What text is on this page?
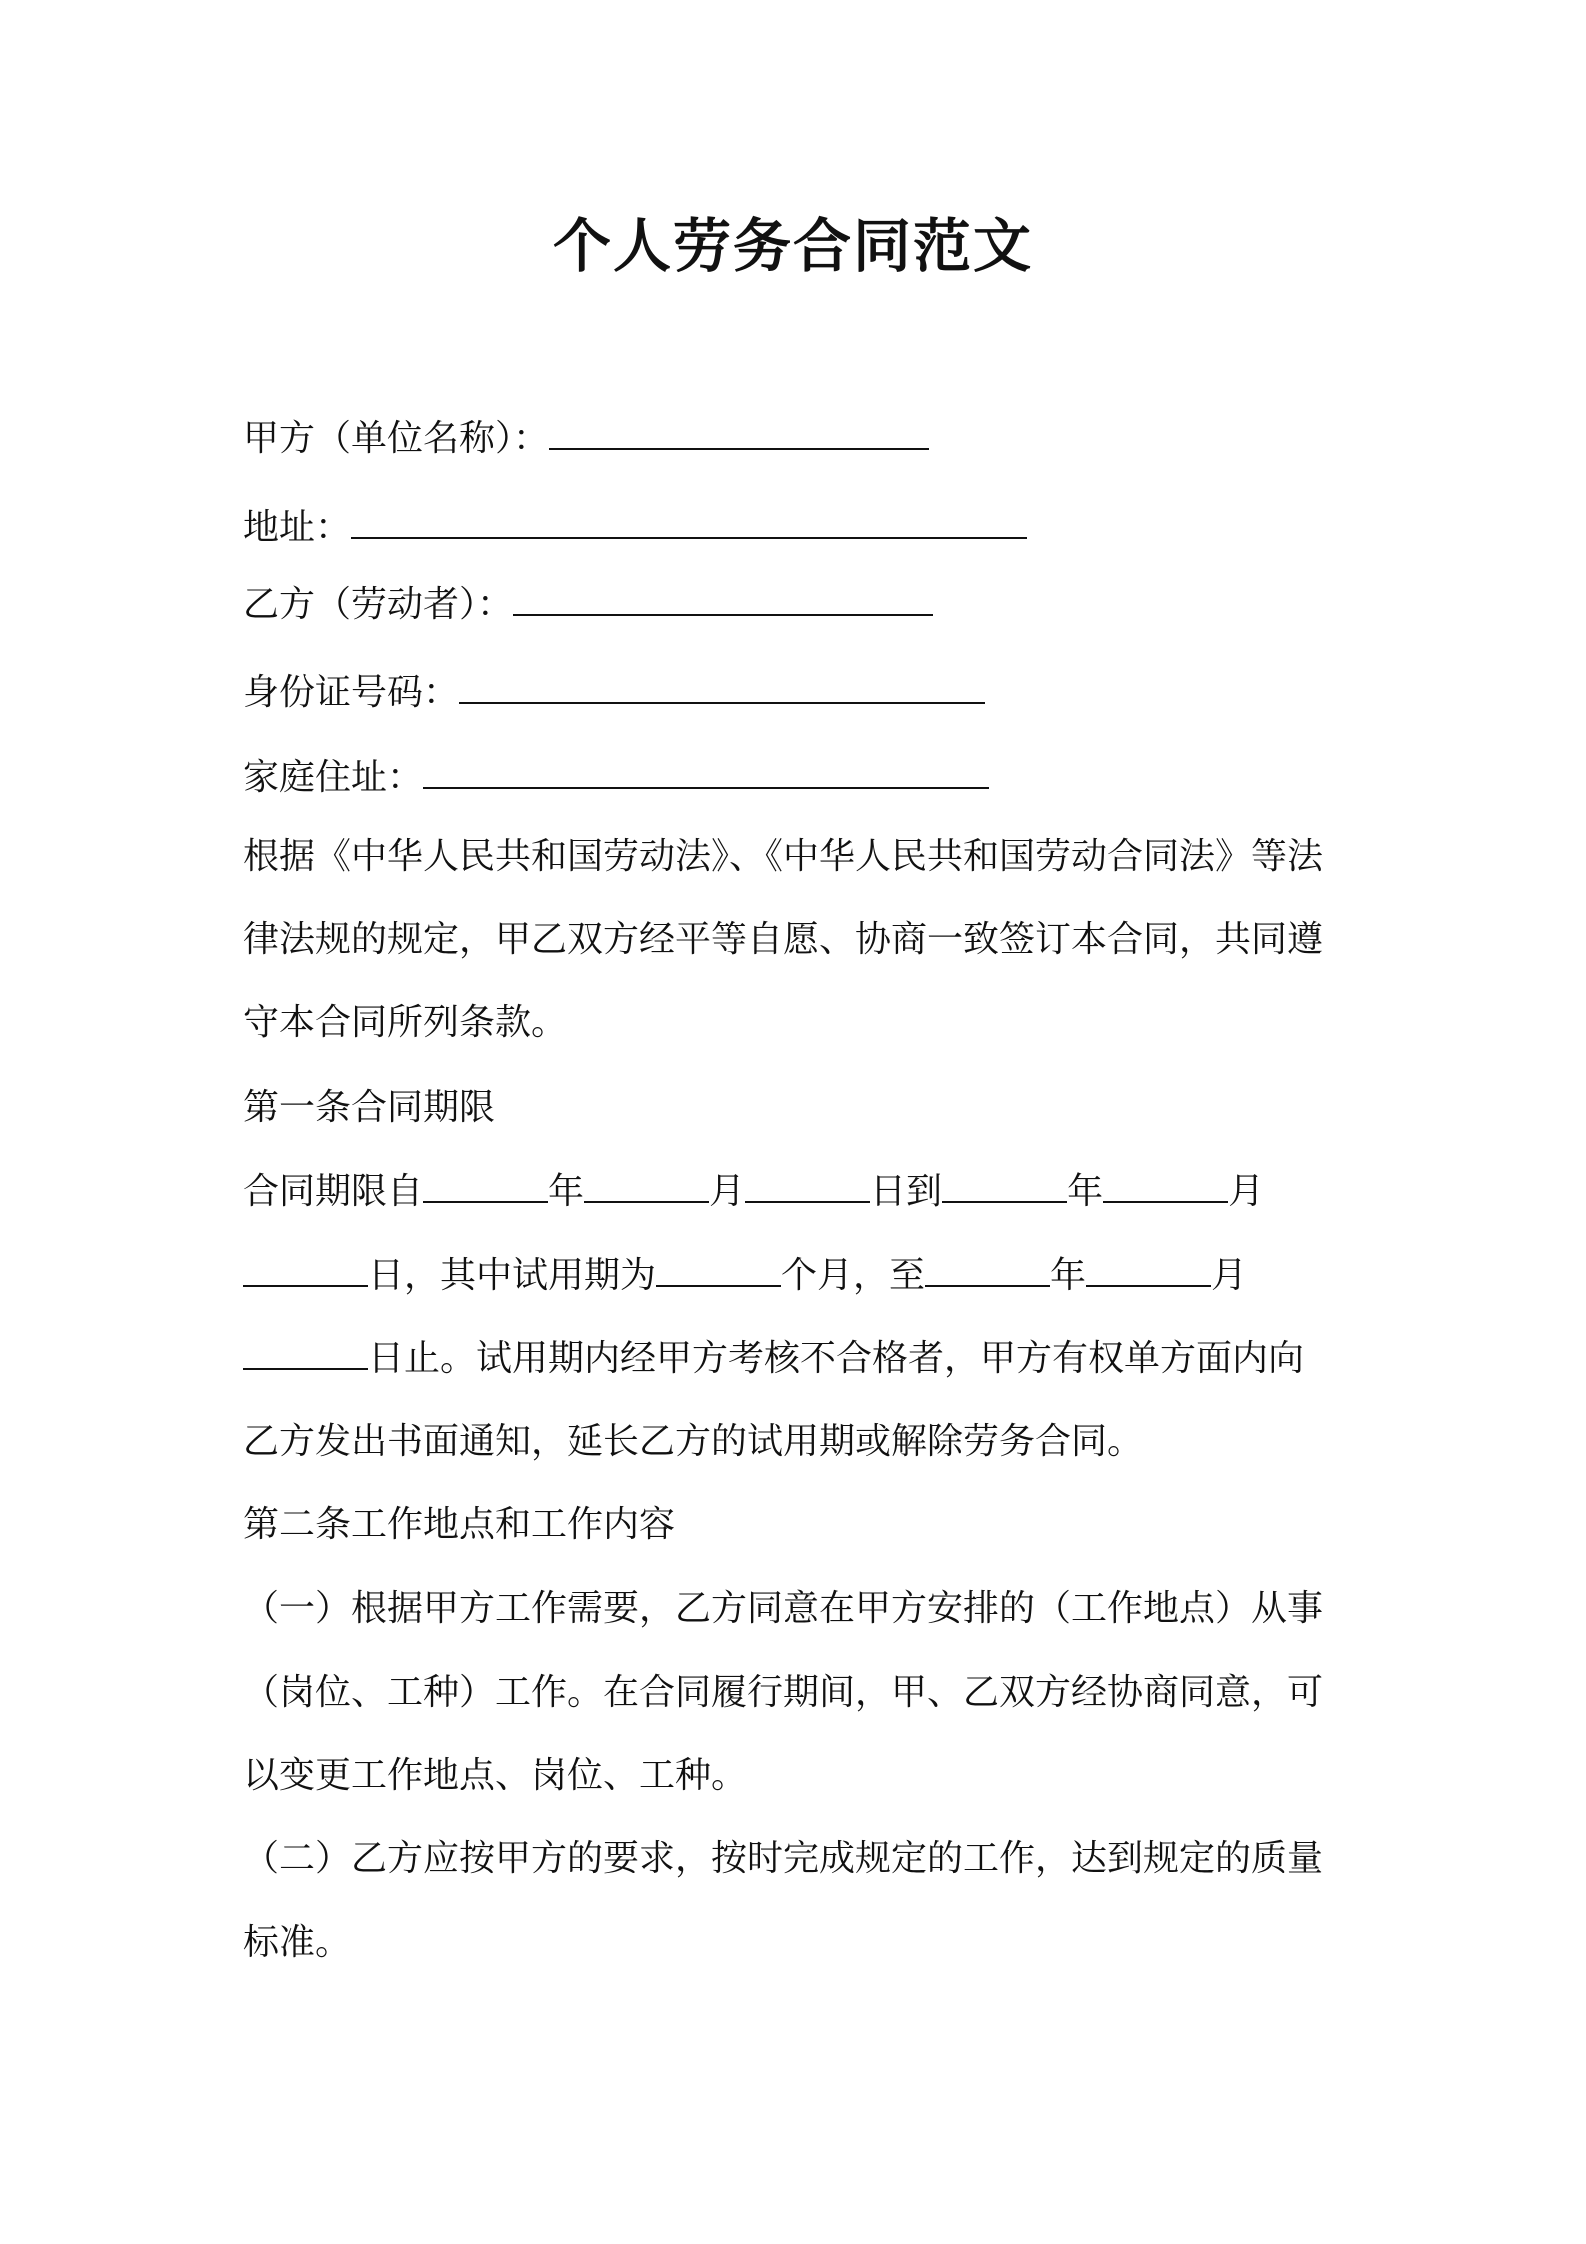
个人劳务合同范文

甲方（单位名称）：

地址：

乙方（劳动者）：

身份证号码：

家庭住址：

根据《中华人民共和国劳动法》、《中华人民共和国劳动合同法》等法

律法规的规定，甲乙双方经平等自愿、协商一致签订本合同，共同遵

守本合同所列条款。

第一条合同期限

合同期限自	年	月	日到	年	月

日，其中试用期为	个月，至	年	月

日止。试用期内经甲方考核不合格者，甲方有权单方面内向

乙方发出书面通知，延长乙方的试用期或解除劳务合同。

第二条工作地点和工作内容

（一）根据甲方工作需要，乙方同意在甲方安排的（工作地点）从事

（岗位、工种）工作。在合同履行期间，甲、乙双方经协商同意，可

以变更工作地点、岗位、工种。

（二）乙方应按甲方的要求，按时完成规定的工作，达到规定的质量

标准。
